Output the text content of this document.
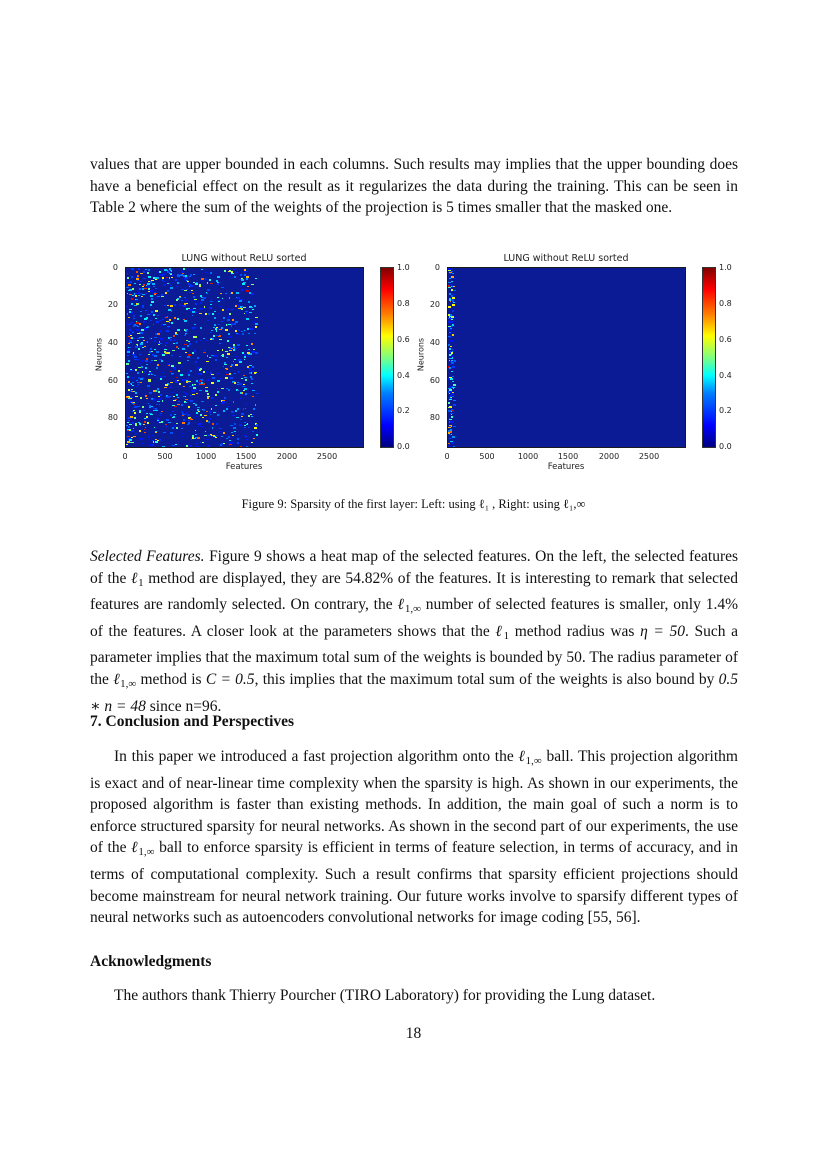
values that are upper bounded in each columns. Such results may implies that the upper bounding does have a beneficial effect on the result as it regularizes the data during the training. This can be seen in Table 2 where the sum of the weights of the projection is 5 times smaller that the masked one.

LUNG without ReLU sorted
Neurons
0
20
40
60
80
0	500	1000	1500	2000	2500
Features
1.0
0.8
0.6
0.4
0.2
0.0
LUNG without ReLU sorted
Neurons
0
20
40
60
80
0	500	1000	1500	2000	2500
Features
1.0
0.8
0.6
0.4
0.2
0.0
Figure 9: Sparsity of the first layer: Left: using ℓ₁ , Right: using ℓ₁,∞

Selected Features. Figure 9 shows a heat map of the selected features. On the left, the selected features of the ℓ$_1$ method are displayed, they are 54.82% of the features. It is interesting to remark that selected features are randomly selected. On contrary, the ℓ$_{1,\infty}$ number of selected features is smaller, only 1.4% of the features. A closer look at the parameters shows that the ℓ$_1$ method radius was η = 50. Such a parameter implies that the maximum total sum of the weights is bounded by 50. The radius parameter of the ℓ$_{1,\infty}$ method is C = 0.5, this implies that the maximum total sum of the weights is also bound by 0.5 ∗ n = 48 since n=96.

7. Conclusion and Perspectives

In this paper we introduced a fast projection algorithm onto the ℓ$_{1,\infty}$ ball. This projection algorithm is exact and of near-linear time complexity when the sparsity is high. As shown in our experiments, the proposed algorithm is faster than existing methods. In addition, the main goal of such a norm is to enforce structured sparsity for neural networks. As shown in the second part of our experiments, the use of the ℓ$_{1,\infty}$ ball to enforce sparsity is efficient in terms of feature selection, in terms of accuracy, and in terms of computational complexity. Such a result confirms that sparsity efficient projections should become mainstream for neural network training. Our future works involve to sparsify different types of neural networks such as autoencoders convolutional networks for image coding [55, 56].

Acknowledgments

The authors thank Thierry Pourcher (TIRO Laboratory) for providing the Lung dataset.

18
